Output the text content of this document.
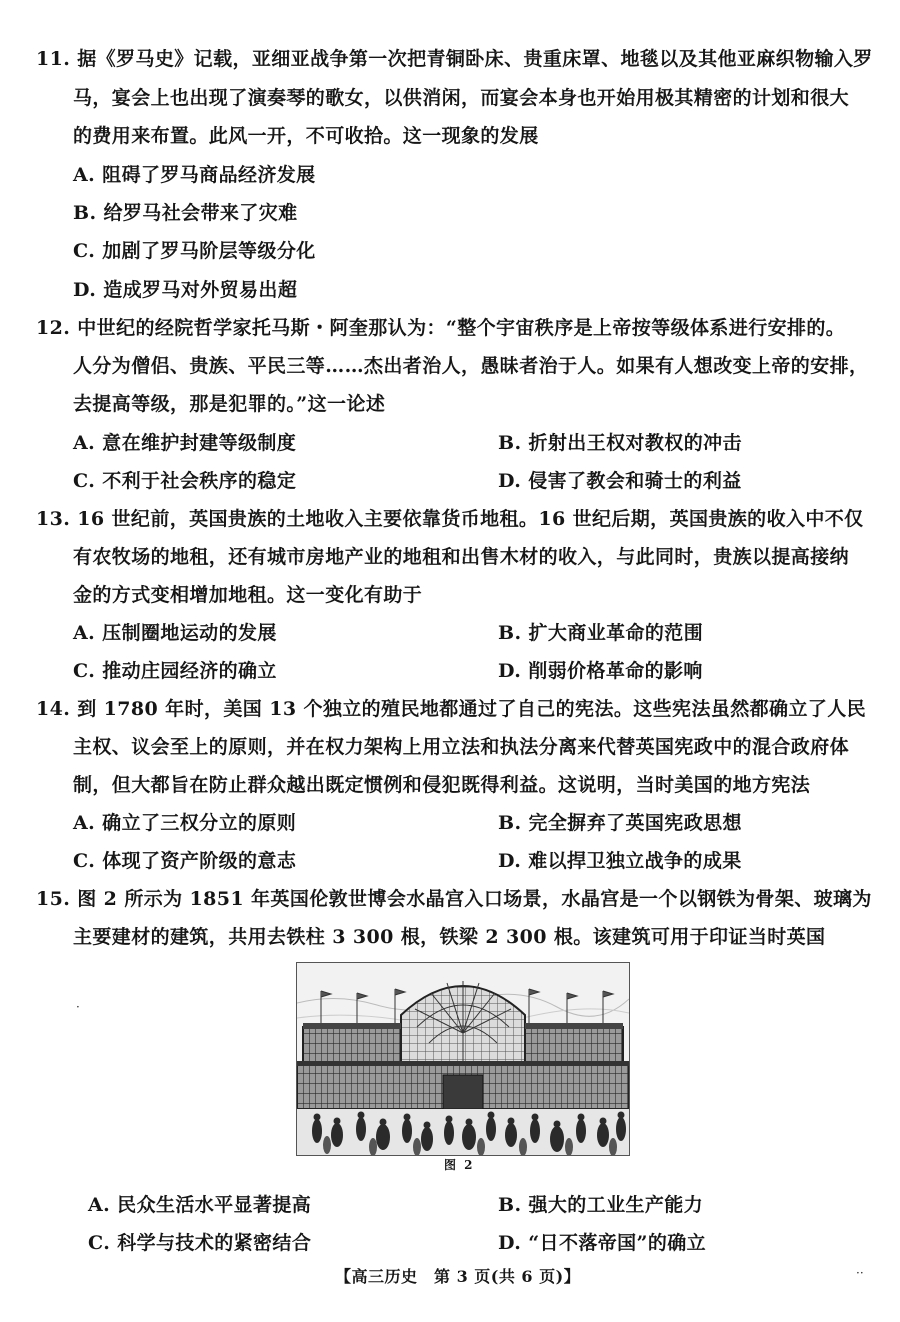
11. 据《罗马史》记载，亚细亚战争第一次把青铜卧床、贵重床罩、地毯以及其他亚麻织物输入罗
马，宴会上也出现了演奏琴的歌女，以供消闲，而宴会本身也开始用极其精密的计划和很大
的费用来布置。此风一开，不可收拾。这一现象的发展
A. 阻碍了罗马商品经济发展
B. 给罗马社会带来了灾难
C. 加剧了罗马阶层等级分化
D. 造成罗马对外贸易出超
12. 中世纪的经院哲学家托马斯・阿奎那认为：“整个宇宙秩序是上帝按等级体系进行安排的。
人分为僧侣、贵族、平民三等……杰出者治人，愚昧者治于人。如果有人想改变上帝的安排，
去提高等级，那是犯罪的。”这一论述
A. 意在维护封建等级制度	B. 折射出王权对教权的冲击
C. 不利于社会秩序的稳定	D. 侵害了教会和骑士的利益
13. 16 世纪前，英国贵族的土地收入主要依靠货币地租。16 世纪后期，英国贵族的收入中不仅
有农牧场的地租，还有城市房地产业的地租和出售木材的收入，与此同时，贵族以提高接纳
金的方式变相增加地租。这一变化有助于
A. 压制圈地运动的发展	B. 扩大商业革命的范围
C. 推动庄园经济的确立	D. 削弱价格革命的影响
14. 到 1780 年时，美国 13 个独立的殖民地都通过了自己的宪法。这些宪法虽然都确立了人民
主权、议会至上的原则，并在权力架构上用立法和执法分离来代替英国宪政中的混合政府体
制，但大都旨在防止群众越出既定惯例和侵犯既得利益。这说明，当时美国的地方宪法
A. 确立了三权分立的原则	B. 完全摒弃了英国宪政思想
C. 体现了资产阶级的意志	D. 难以捍卫独立战争的成果
15. 图 2 所示为 1851 年英国伦敦世博会水晶宫入口场景，水晶宫是一个以钢铁为骨架、玻璃为
主要建材的建筑，共用去铁柱 3 300 根，铁梁 2 300 根。该建筑可用于印证当时英国
图 2
A. 民众生活水平显著提高	B. 强大的工业生产能力
C. 科学与技术的紧密结合	D. “日不落帝国”的确立
【高三历史　第 3 页(共 6 页)】	··
·
